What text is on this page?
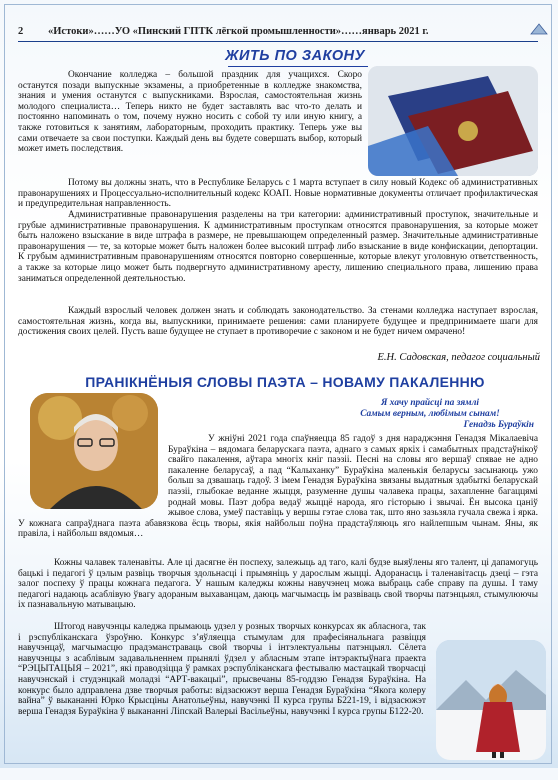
2	«Истоки»……УО «Пинский ГПТК лёгкой промышленности»……январь 2021 г.
ЖИТЬ ПО ЗАКОНУ
Окончание колледжа – большой праздник для учащихся. Скоро останутся позади выпускные экзамены, а приобретенные в колледже знакомства, знания и умения останутся с выпускниками. Взрослая, самостоятельная жизнь молодого специалиста… Теперь никто не будет заставлять вас что-то делать и постоянно напоминать о том, почему нужно носить с собой ту или иную книгу, а также готовиться к занятиям, лабораторным, проходить практику. Теперь уже вы сами отвечаете за свои поступки. Каждый день вы будете совершать выбор, который может иметь последствия.
Потому вы должны знать, что в Республике Беларусь с 1 марта вступает в силу новый Кодекс об административных правонарушениях и Процессуально-исполнительный кодекс КОАП. Новые нормативные документы отличает профилактическая и предупредительная направленность.
Административные правонарушения разделены на три категории: административный проступок, значительные и грубые административные правонарушения. К административным проступкам относятся правонарушения, за которые может быть наложено взыскание в виде штрафа в размере, не превышающем определенный размер. Значительные административные правонарушения — те, за которые может быть наложен более высокий штраф либо взыскание в виде конфискации, депортации. К грубым административным правонарушениям относятся повторно совершенные, которые влекут уголовную ответственность, а также за которые лицо может быть подвергнуто административному аресту, лишению специального права, лишению права заниматься определенной деятельностью.
Каждый взрослый человек должен знать и соблюдать законодательство. За стенами колледжа наступает взрослая, самостоятельная жизнь, когда вы, выпускники, принимаете решения: сами планируете будущее и предпринимаете шаги для достижения своих целей. Пусть ваше будущее не ступает в противоречие с законом и не будет ничем омрачено!
Е.Н. Садовская, педагог социальный
ПРАНІКНЁНЫЯ СЛОВЫ ПАЭТА – НОВАМУ ПАКАЛЕННЮ
Я хачу прайсці па зямлі
Самым верным, любімым сынам!
Генадзь Бураўкін
У жніўні 2021 года спаўняецца 85 гадоў з дня нараджэння Генадзя Мікалаевіча Бураўкіна – вядомага беларускага паэта, аднаго з самых яркіх і самабытных прадстаўнікоў свайго пакалення, аўтара многіх кніг паэзіі. Песні на словы яго вершаў спявае не адно пакаленне беларусаў, а пад “Калыханку” Бураўкіна маленькія беларусы засынаюць ужо больш за дзвашаць гадоў. З імем Генадзя Бураўкіна звязаны выдатныя здабыткі беларускай паэзіі, глыбокае веданне жыцця, разуменне душы чалавека працы, захапленне багаццямі роднай мовы. Паэт добра ведаў жыццё народа, яго гісторыю і звычаі. Ён высока цаніў жывое слова, умеў паставіць у вершы гэтае слова так, што яно зазьзяла гучала свежа і ярка. У кожнага сапраўднага паэта абавязкова ёсць творы, якія найбольш поўна прадстаўляюць яго найлепшым чынам. Яны, як правіла, і найбольш вядомыя…
Кожны чалавек таленавіты. Але ці дасягне ён поспеху, залежыць ад таго, калі будзе выяўлены яго талент, ці дапамогуць бацькі і педагогі ў цэлым развіць творчыя здольнасці і прымяніць у дарослым жыцці. Адоранасць і таленавітасць дзецi – гэта залог поспеху ў працы кожнага педагога. У нашым каледжы кожны навучэнец можа выбраць сабе справу па душы. І таму педагогі надаюць асаблівую ўвагу адораным выхаванцам, даюць магчымасць ім развіваць свой творчы патэнцыял, стымулюючы іх пазнавальную матывацыю.
Штогод навучэнцы каледжа прымаюць удзел у розных творчых конкурсах як абласнога, так і рэспубліканскага ўзроўню. Конкурс з’яўляецца стымулам для прафесіянальнага развіцця навучэнцаў, магчымасцю прадэманстраваць свой творчы і інтэлектуальны патэнцыял. Сёлета навучэнцы з асаблівым задавальненнем прынялі ўдзел у абласным этапе інтэрактыўнага праекта “РЭЦЫТАЦЫЯ – 2021”, які праводзіцца ў рамках рэспубліканскага фестывалю мастацкай творчасці навучэнскай і студэнцкай моладзі “АРТ-вакацыі”, прысвечаны 85-годдзю Генадзя Бураўкіна. На конкурс было адправлена дзве творчыя работы: відзасюжэт верша Генадзя Бураўкіна “Якога колеру вайна” ў выкананні Юркo Крысціны Анатольеўны, навучэнкі ІІ курса групы Б221-19, і відзасюжэт верша Генадзя Бураўкіна ў выкананні Лiпскай Валерыі Васільеўны, навучэнкі І курса групы Б122-20.
